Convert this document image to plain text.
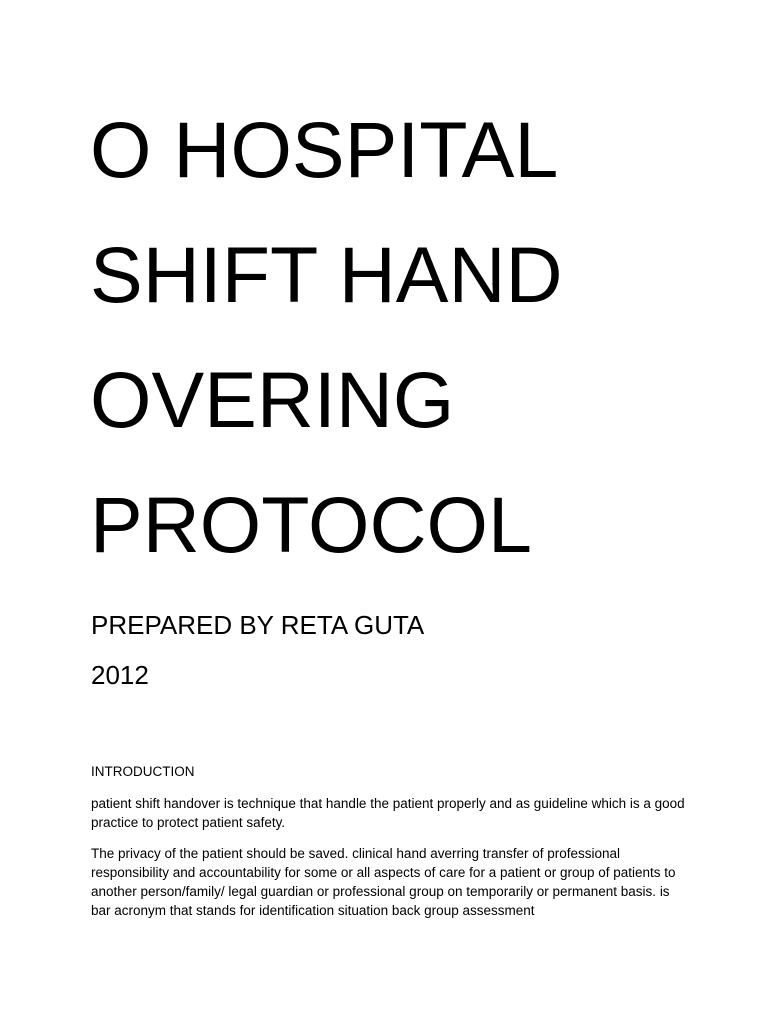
O HOSPITAL
SHIFT HAND
OVERING
PROTOCOL
PREPARED BY RETA GUTA
2012
INTRODUCTION
patient shift handover is technique that handle the patient properly and as guideline which is a good practice to protect patient safety.
The privacy of the patient should be saved. clinical hand averring transfer of professional responsibility and accountability for some or all aspects of care for a patient or group of patients to another person/family/ legal guardian or professional group on temporarily or permanent basis. is bar acronym that stands for identification situation back group assessment
